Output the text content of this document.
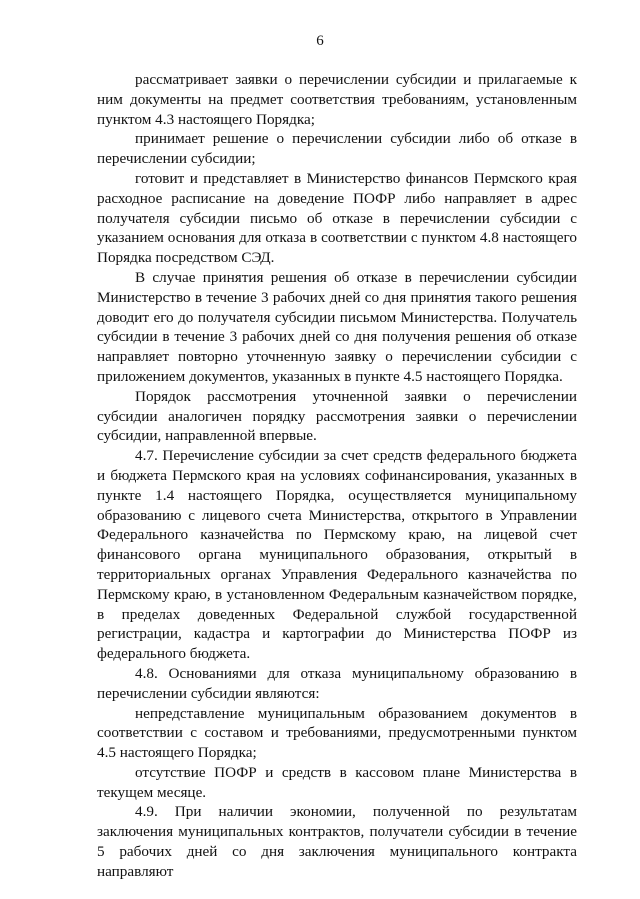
6

рассматривает заявки о перечислении субсидии и прилагаемые к ним документы на предмет соответствия требованиям, установленным пунктом 4.3 настоящего Порядка;

принимает решение о перечислении субсидии либо об отказе в перечислении субсидии;

готовит и представляет в Министерство финансов Пермского края расходное расписание на доведение ПОФР либо направляет в адрес получателя субсидии письмо об отказе в перечислении субсидии с указанием основания для отказа в соответствии с пунктом 4.8 настоящего Порядка посредством СЭД.

В случае принятия решения об отказе в перечислении субсидии Министерство в течение 3 рабочих дней со дня принятия такого решения доводит его до получателя субсидии письмом Министерства. Получатель субсидии в течение 3 рабочих дней со дня получения решения об отказе направляет повторно уточненную заявку о перечислении субсидии с приложением документов, указанных в пункте 4.5 настоящего Порядка.

Порядок рассмотрения уточненной заявки о перечислении субсидии аналогичен порядку рассмотрения заявки о перечислении субсидии, направленной впервые.

4.7. Перечисление субсидии за счет средств федерального бюджета и бюджета Пермского края на условиях софинансирования, указанных в пункте 1.4 настоящего Порядка, осуществляется муниципальному образованию с лицевого счета Министерства, открытого в Управлении Федерального казначейства по Пермскому краю, на лицевой счет финансового органа муниципального образования, открытый в территориальных органах Управления Федерального казначейства по Пермскому краю, в установленном Федеральным казначейством порядке, в пределах доведенных Федеральной службой государственной регистрации, кадастра и картографии до Министерства ПОФР из федерального бюджета.

4.8. Основаниями для отказа муниципальному образованию в перечислении субсидии являются:

непредставление муниципальным образованием документов в соответствии с составом и требованиями, предусмотренными пунктом 4.5 настоящего Порядка;

отсутствие ПОФР и средств в кассовом плане Министерства в текущем месяце.

4.9. При наличии экономии, полученной по результатам заключения муниципальных контрактов, получатели субсидии в течение 5 рабочих дней со дня заключения муниципального контракта направляют
